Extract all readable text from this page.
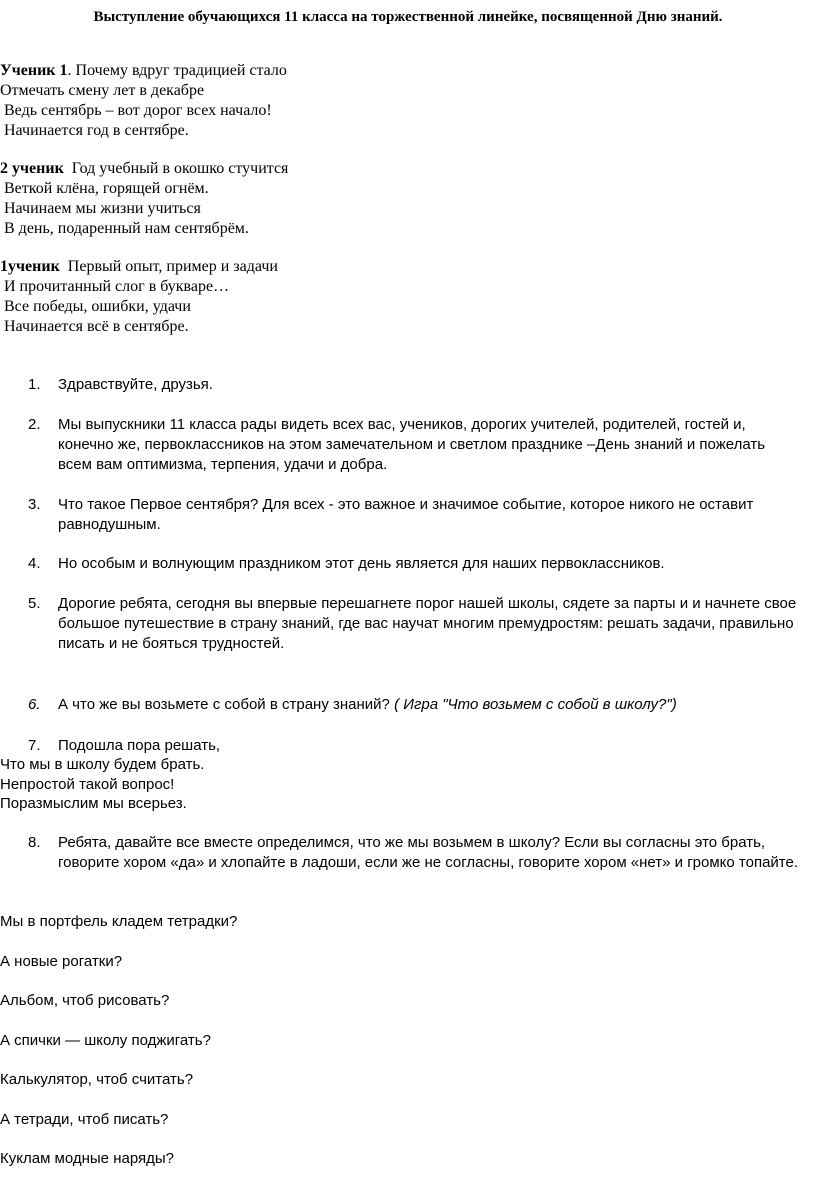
Выступление обучающихся 11 класса на торжественной линейке, посвященной Дню знаний.
Ученик 1. Почему вдруг традицией стало
Отмечать смену лет в декабре
Ведь сентябрь – вот дорог всех начало!
Начинается год в сентябре.
2 ученик  Год учебный в окошко стучится
Веткой клёна, горящей огнём.
Начинаем мы жизни учиться
В день, подаренный нам сентябрём.
1ученик  Первый опыт, пример и задачи
И прочитанный слог в букваре…
Все победы, ошибки, удачи
Начинается всё в сентябре.
1. Здравствуйте, друзья.
2. Мы выпускники 11 класса рады видеть всех вас, учеников, дорогих учителей, родителей, гостей и, конечно же, первоклассников на этом замечательном и светлом празднике –День знаний и пожелать всем вам оптимизма, терпения, удачи и добра.
3. Что такое Первое сентября? Для всех - это важное и значимое событие, которое никого не оставит равнодушным.
4. Но особым и волнующим праздником этот день является для наших первоклассников.
5. Дорогие ребята, сегодня вы впервые перешагнете порог нашей школы, сядете за парты и и начнете свое большое путешествие в страну знаний, где вас научат многим премудростям: решать задачи, правильно писать и не бояться трудностей.
6. А что же вы возьмете с собой в страну знаний? ( Игра "Что возьмем с собой в школу?")
7. Подошла пора решать,
Что мы в школу будем брать.
Непростой такой вопрос!
Поразмыслим мы всерьез.
8. Ребята, давайте все вместе определимся, что же мы возьмем в школу? Если вы согласны это брать, говорите хором «да» и хлопайте в ладоши, если же не согласны, говорите хором «нет» и громко топайте.
Мы в портфель кладем тетрадки?
А новые рогатки?
Альбом, чтоб рисовать?
А спички — школу поджигать?
Калькулятор, чтоб считать?
А тетради, чтоб писать?
Куклам модные наряды?
